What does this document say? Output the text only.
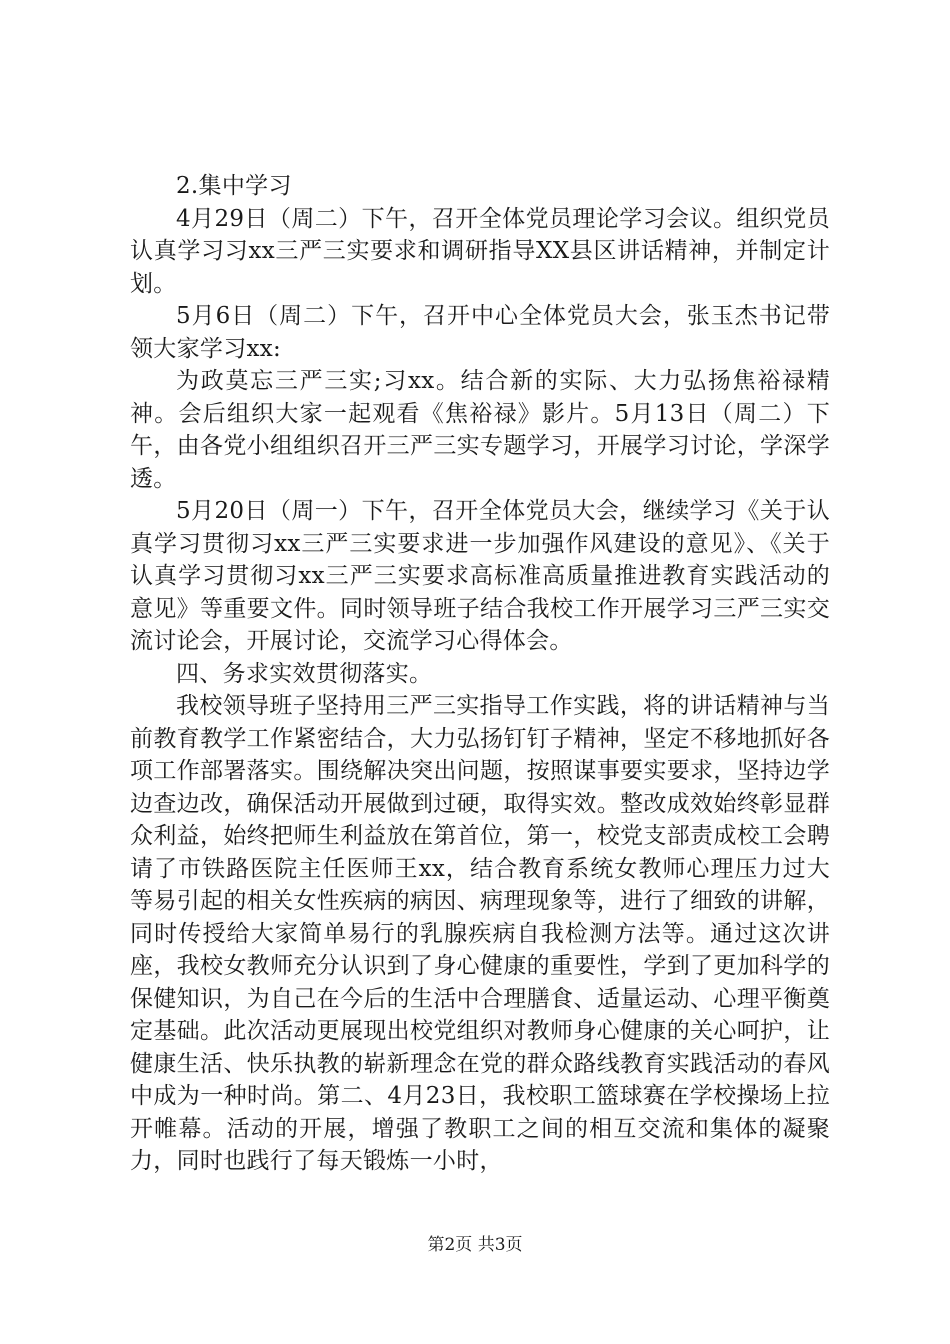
2.集中学习

4月29日（周二）下午，召开全体党员理论学习会议。组织党员认真学习习xx三严三实要求和调研指导XX县区讲话精神，并制定计划。

5月6日（周二）下午，召开中心全体党员大会，张玉杰书记带领大家学习xx:

为政莫忘三严三实;习xx。结合新的实际、大力弘扬焦裕禄精神。会后组织大家一起观看《焦裕禄》影片。5月13日（周二）下午，由各党小组组织召开三严三实专题学习，开展学习讨论，学深学透。

5月20日（周一）下午，召开全体党员大会，继续学习《关于认真学习贯彻习xx三严三实要求进一步加强作风建设的意见》、《关于认真学习贯彻习xx三严三实要求高标准高质量推进教育实践活动的意见》等重要文件。同时领导班子结合我校工作开展学习三严三实交流讨论会，开展讨论，交流学习心得体会。

四、务求实效贯彻落实。

我校领导班子坚持用三严三实指导工作实践，将的讲话精神与当前教育教学工作紧密结合，大力弘扬钉钉子精神，坚定不移地抓好各项工作部署落实。围绕解决突出问题，按照谋事要实要求，坚持边学边查边改，确保活动开展做到过硬，取得实效。整改成效始终彰显群众利益，始终把师生利益放在第首位，第一，校党支部责成校工会聘请了市铁路医院主任医师王xx，结合教育系统女教师心理压力过大等易引起的相关女性疾病的病因、病理现象等，进行了细致的讲解，同时传授给大家简单易行的乳腺疾病自我检测方法等。通过这次讲座，我校女教师充分认识到了身心健康的重要性，学到了更加科学的保健知识，为自己在今后的生活中合理膳食、适量运动、心理平衡奠定基础。此次活动更展现出校党组织对教师身心健康的关心呵护，让健康生活、快乐执教的崭新理念在党的群众路线教育实践活动的春风中成为一种时尚。第二、4月23日，我校职工篮球赛在学校操场上拉开帷幕。活动的开展，增强了教职工之间的相互交流和集体的凝聚力，同时也践行了每天锻炼一小时，

第2页 共3页
